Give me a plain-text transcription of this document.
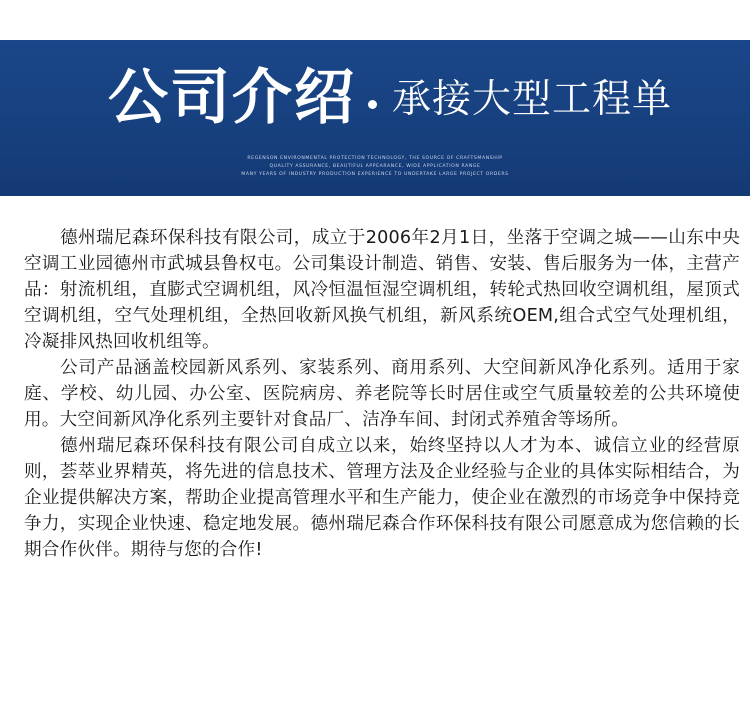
公司介绍 承接大型工程单
REGENSON ENVIRONMENTAL PROTECTION TECHNOLOGY, THE SOURCE OF CRAFTSMANSHIP
QUALITY ASSURANCE, BEAUTIFUL APPEARANCE, WIDE APPLICATION RANGE
MANY YEARS OF INDUSTRY PRODUCTION EXPERIENCE TO UNDERTAKE LARGE PROJECT ORDERS

德州瑞尼森环保科技有限公司，成立于2006年2月1日，坐落于空调之城——山东中央空调工业园德州市武城县鲁权屯。公司集设计制造、销售、安装、售后服务为一体，主营产品：射流机组，直膨式空调机组，风冷恒温恒湿空调机组，转轮式热回收空调机组，屋顶式空调机组，空气处理机组，全热回收新风换气机组，新风系统OEM,组合式空气处理机组，冷凝排风热回收机组等。

公司产品涵盖校园新风系列、家装系列、商用系列、大空间新风净化系列。适用于家庭、学校、幼儿园、办公室、医院病房、养老院等长时居住或空气质量较差的公共环境使用。大空间新风净化系列主要针对食品厂、洁净车间、封闭式养殖舍等场所。

德州瑞尼森环保科技有限公司自成立以来，始终坚持以人才为本、诚信立业的经营原则，荟萃业界精英，将先进的信息技术、管理方法及企业经验与企业的具体实际相结合，为企业提供解决方案，帮助企业提高管理水平和生产能力，使企业在激烈的市场竞争中保持竞争力，实现企业快速、稳定地发展。德州瑞尼森合作环保科技有限公司愿意成为您信赖的长期合作伙伴。期待与您的合作!
